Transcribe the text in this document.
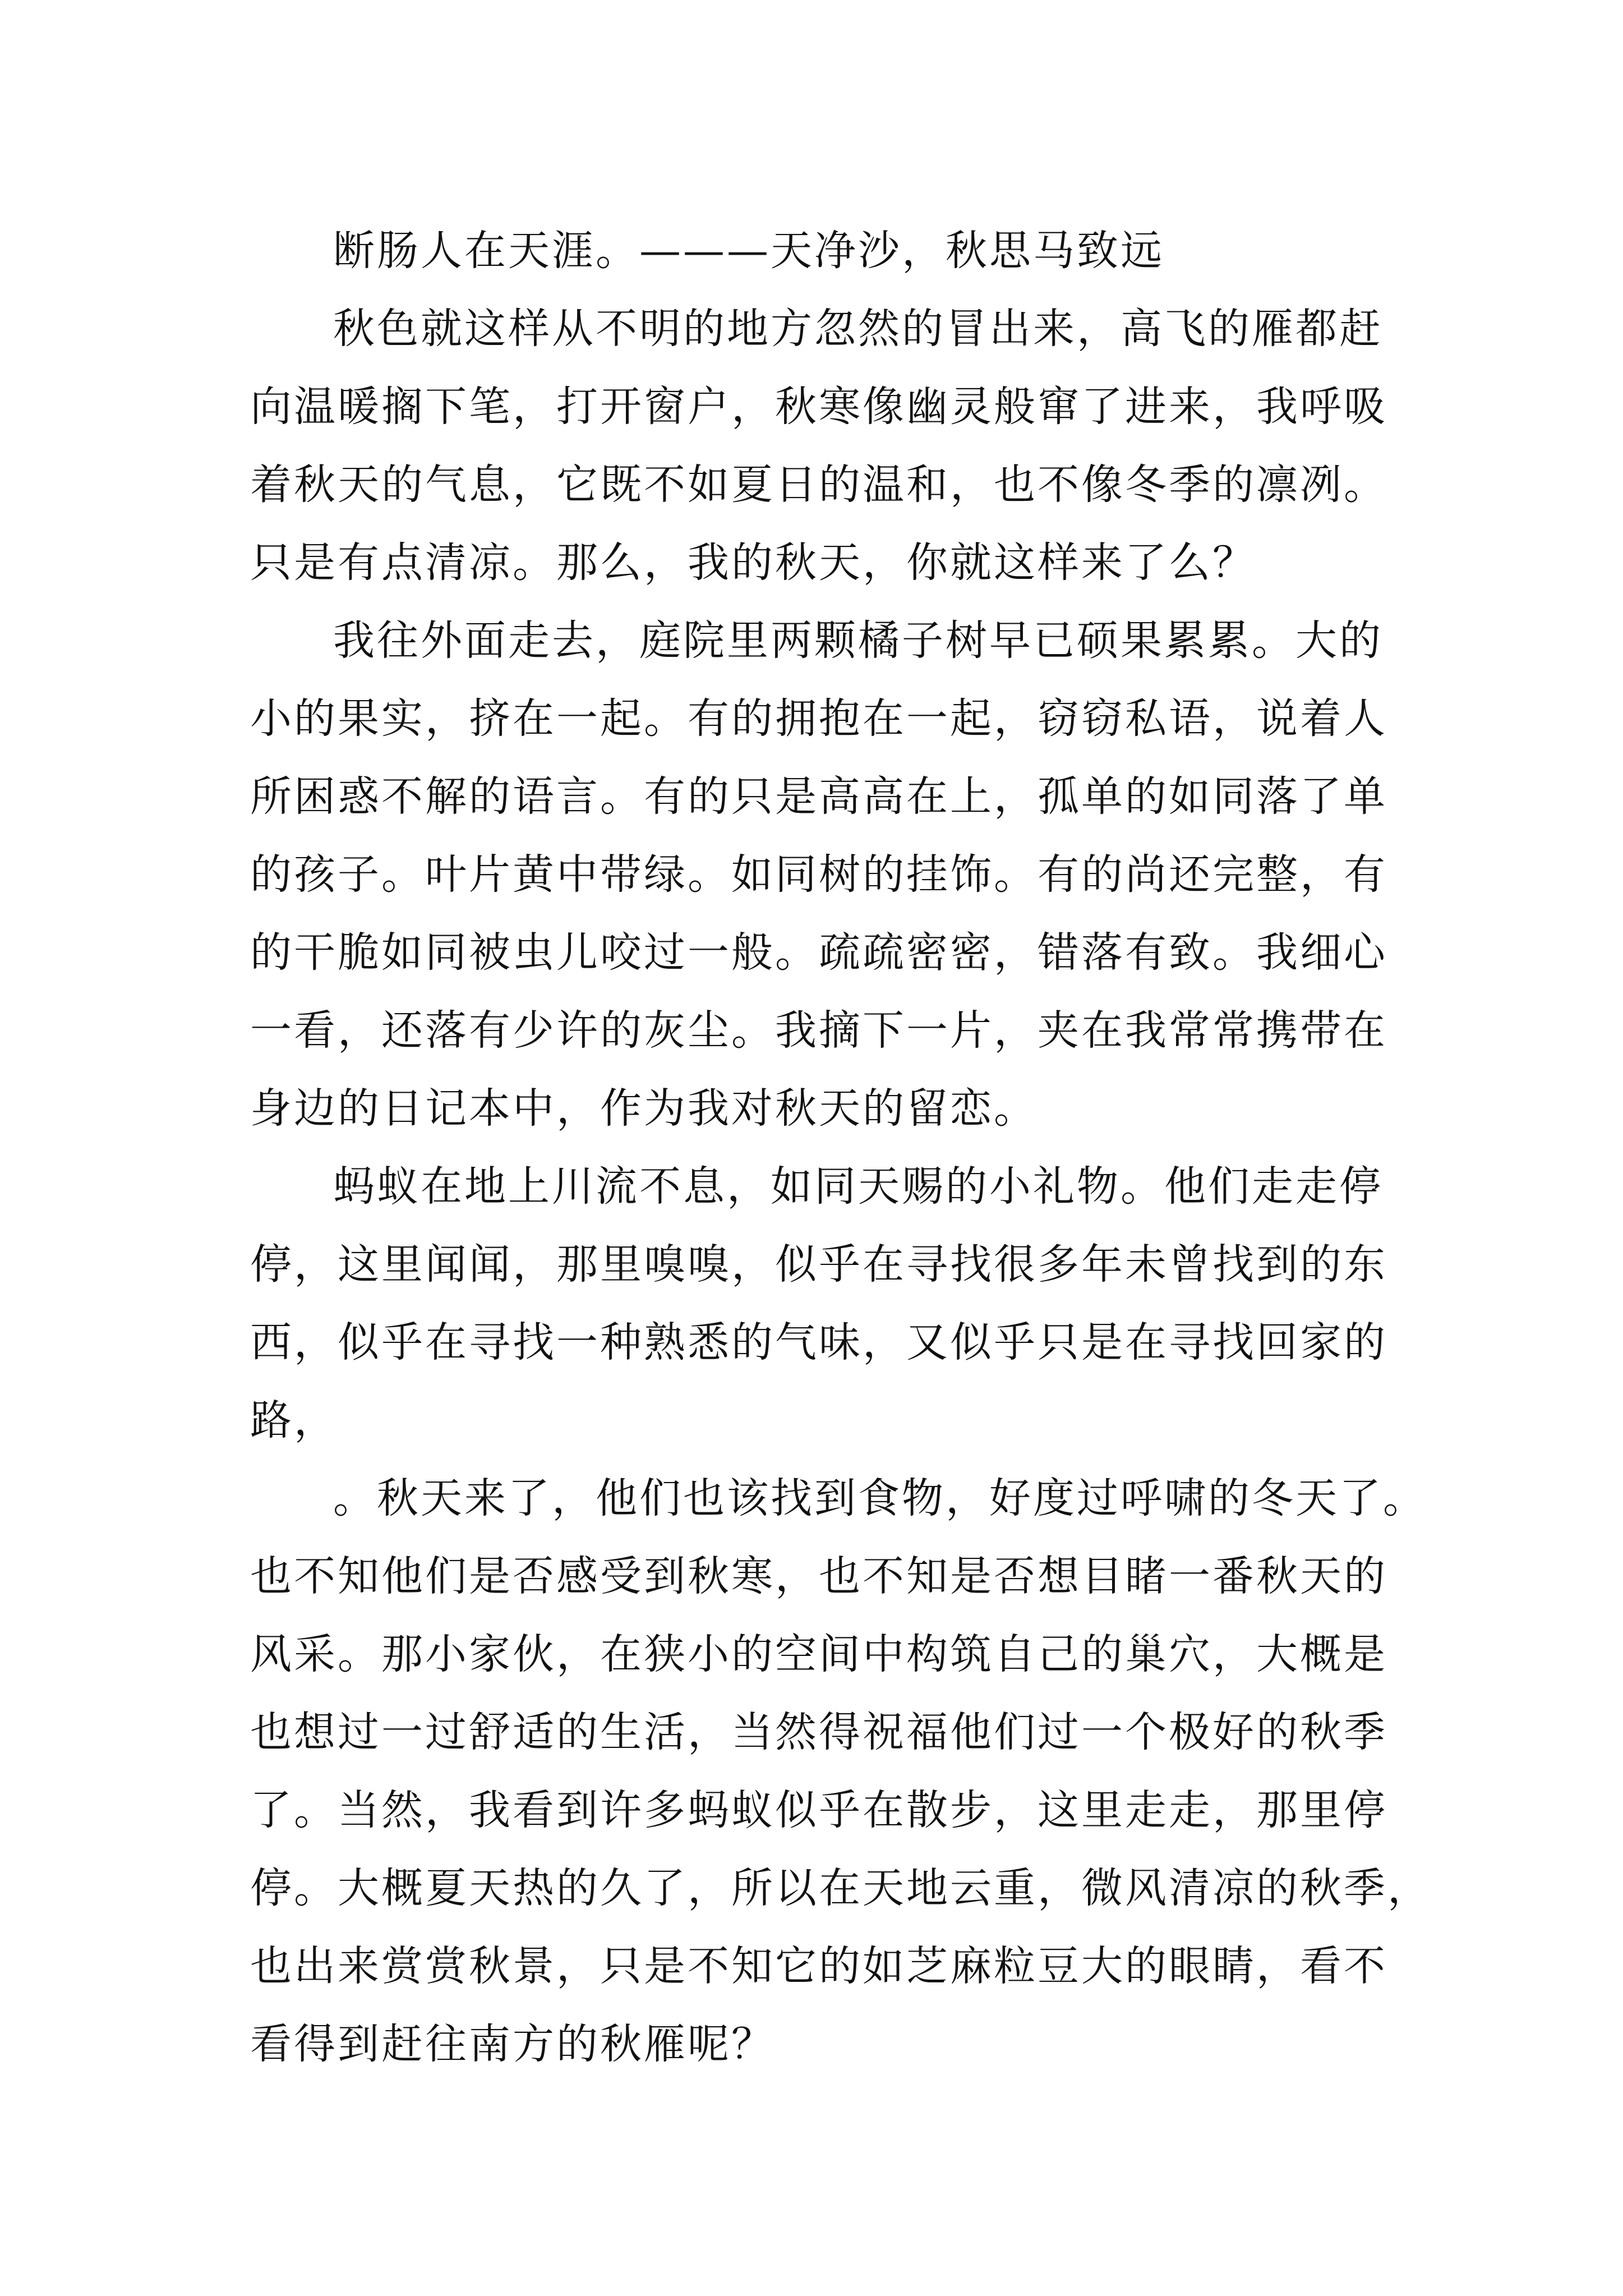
断肠人在天涯。———天净沙，秋思马致远
秋色就这样从不明的地方忽然的冒出来，高飞的雁都赶
向温暖搁下笔，打开窗户，秋寒像幽灵般窜了进来，我呼吸
着秋天的气息，它既不如夏日的温和，也不像冬季的凛冽。
只是有点清凉。那么，我的秋天，你就这样来了么？
我往外面走去，庭院里两颗橘子树早已硕果累累。大的
小的果实，挤在一起。有的拥抱在一起，窃窃私语，说着人
所困惑不解的语言。有的只是高高在上，孤单的如同落了单
的孩子。叶片黄中带绿。如同树的挂饰。有的尚还完整，有
的干脆如同被虫儿咬过一般。疏疏密密，错落有致。我细心
一看，还落有少许的灰尘。我摘下一片，夹在我常常携带在
身边的日记本中，作为我对秋天的留恋。
蚂蚁在地上川流不息，如同天赐的小礼物。他们走走停
停，这里闻闻，那里嗅嗅，似乎在寻找很多年未曾找到的东
西，似乎在寻找一种熟悉的气味，又似乎只是在寻找回家的
路，
。秋天来了，他们也该找到食物，好度过呼啸的冬天了。
也不知他们是否感受到秋寒，也不知是否想目睹一番秋天的
风采。那小家伙，在狭小的空间中构筑自己的巢穴，大概是
也想过一过舒适的生活，当然得祝福他们过一个极好的秋季
了。当然，我看到许多蚂蚁似乎在散步，这里走走，那里停
停。大概夏天热的久了，所以在天地云重，微风清凉的秋季，
也出来赏赏秋景，只是不知它的如芝麻粒豆大的眼睛，看不
看得到赶往南方的秋雁呢？
